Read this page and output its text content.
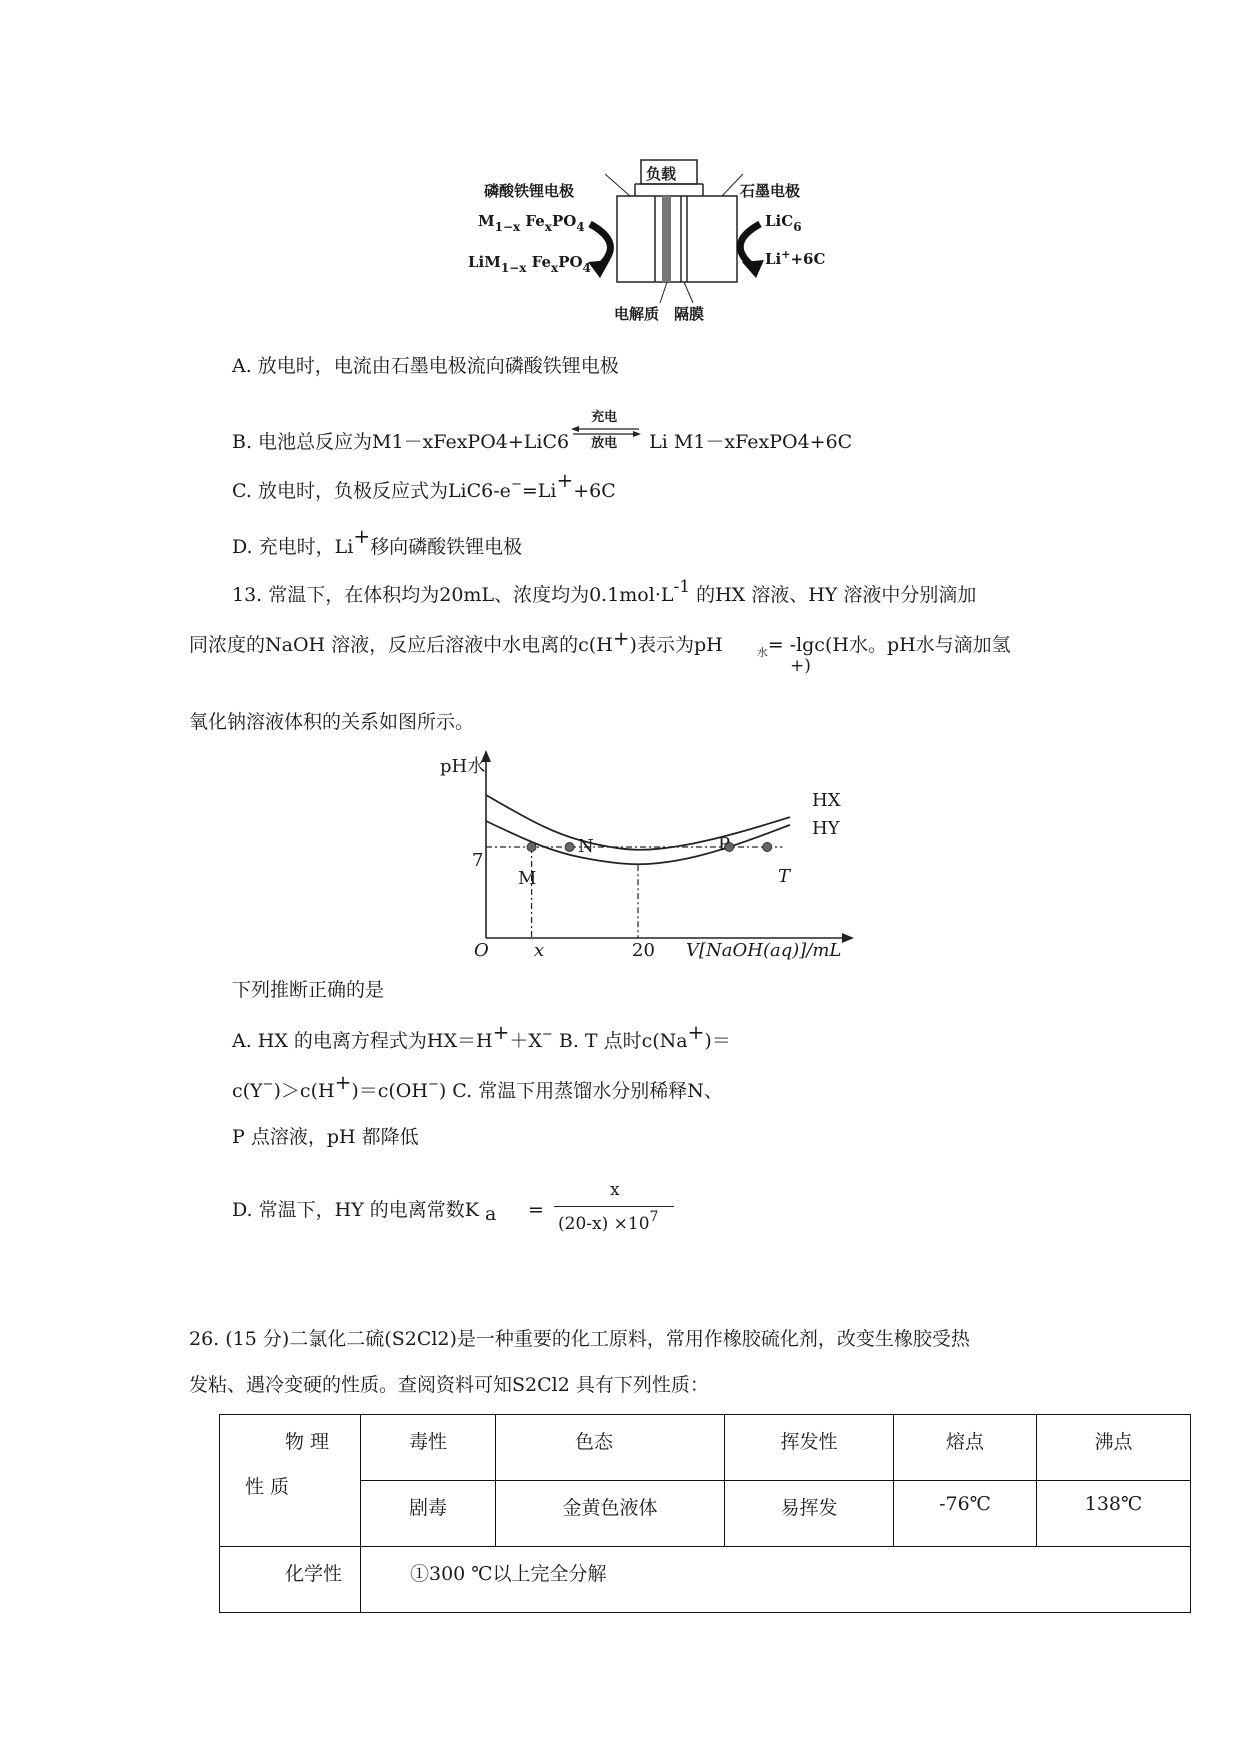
负载
磷酸铁锂电极	石墨电极
$M_{1-x}$ $Fe_xPO_4$
LiM$_{1-x}$ $Fe_xPO_4$
LiC$_6$
Li++6C
电解质 隔膜
A. 放电时，电流由石墨电极流向磷酸铁锂电极
B. 电池总反应为M1－xFexPO4+LiC6
充电
放电 Li M1－xFexPO4+6C
C. 放电时，负极反应式为LiC6-e−=Li++6C
D. 充电时，Li+移向磷酸铁锂电极
13. 常温下，在体积均为20mL、浓度均为0.1mol·L-1 的HX 溶液、HY 溶液中分别滴加
同浓度的NaOH 溶液，反应后溶液中水电离的c(H+)表示为pH	$_水$= -lgc(H水。pH水与滴加氢
+)
氧化钠溶液体积的关系如图所示。
pH水
V[NaOH(aq)]/mL
O	x	20
7
HX
HY
M
N	P
T
下列推断正确的是
A. HX 的电离方程式为HX＝H+＋X− B. T 点时c(Na+)＝
c(Y−)＞c(H+)＝c(OH−) C. 常温下用蒸馏水分别稀释N、
P 点溶液，pH 都降低
D. 常温下，HY 的电离常数K a =
x
$(20-x) \times 10^7$
26. (15 分)二氯化二硫(S2Cl2)是一种重要的化工原料，常用作橡胶硫化剂，改变生橡胶受热
发粘、遇冷变硬的性质。查阅资料可知S2Cl2 具有下列性质：
物 理
性 质	毒性	色态	挥发性	熔点	沸点
	剧毒	金黄色液体	易挥发	-76℃	138℃
化学性	①300 ℃以上完全分解				
